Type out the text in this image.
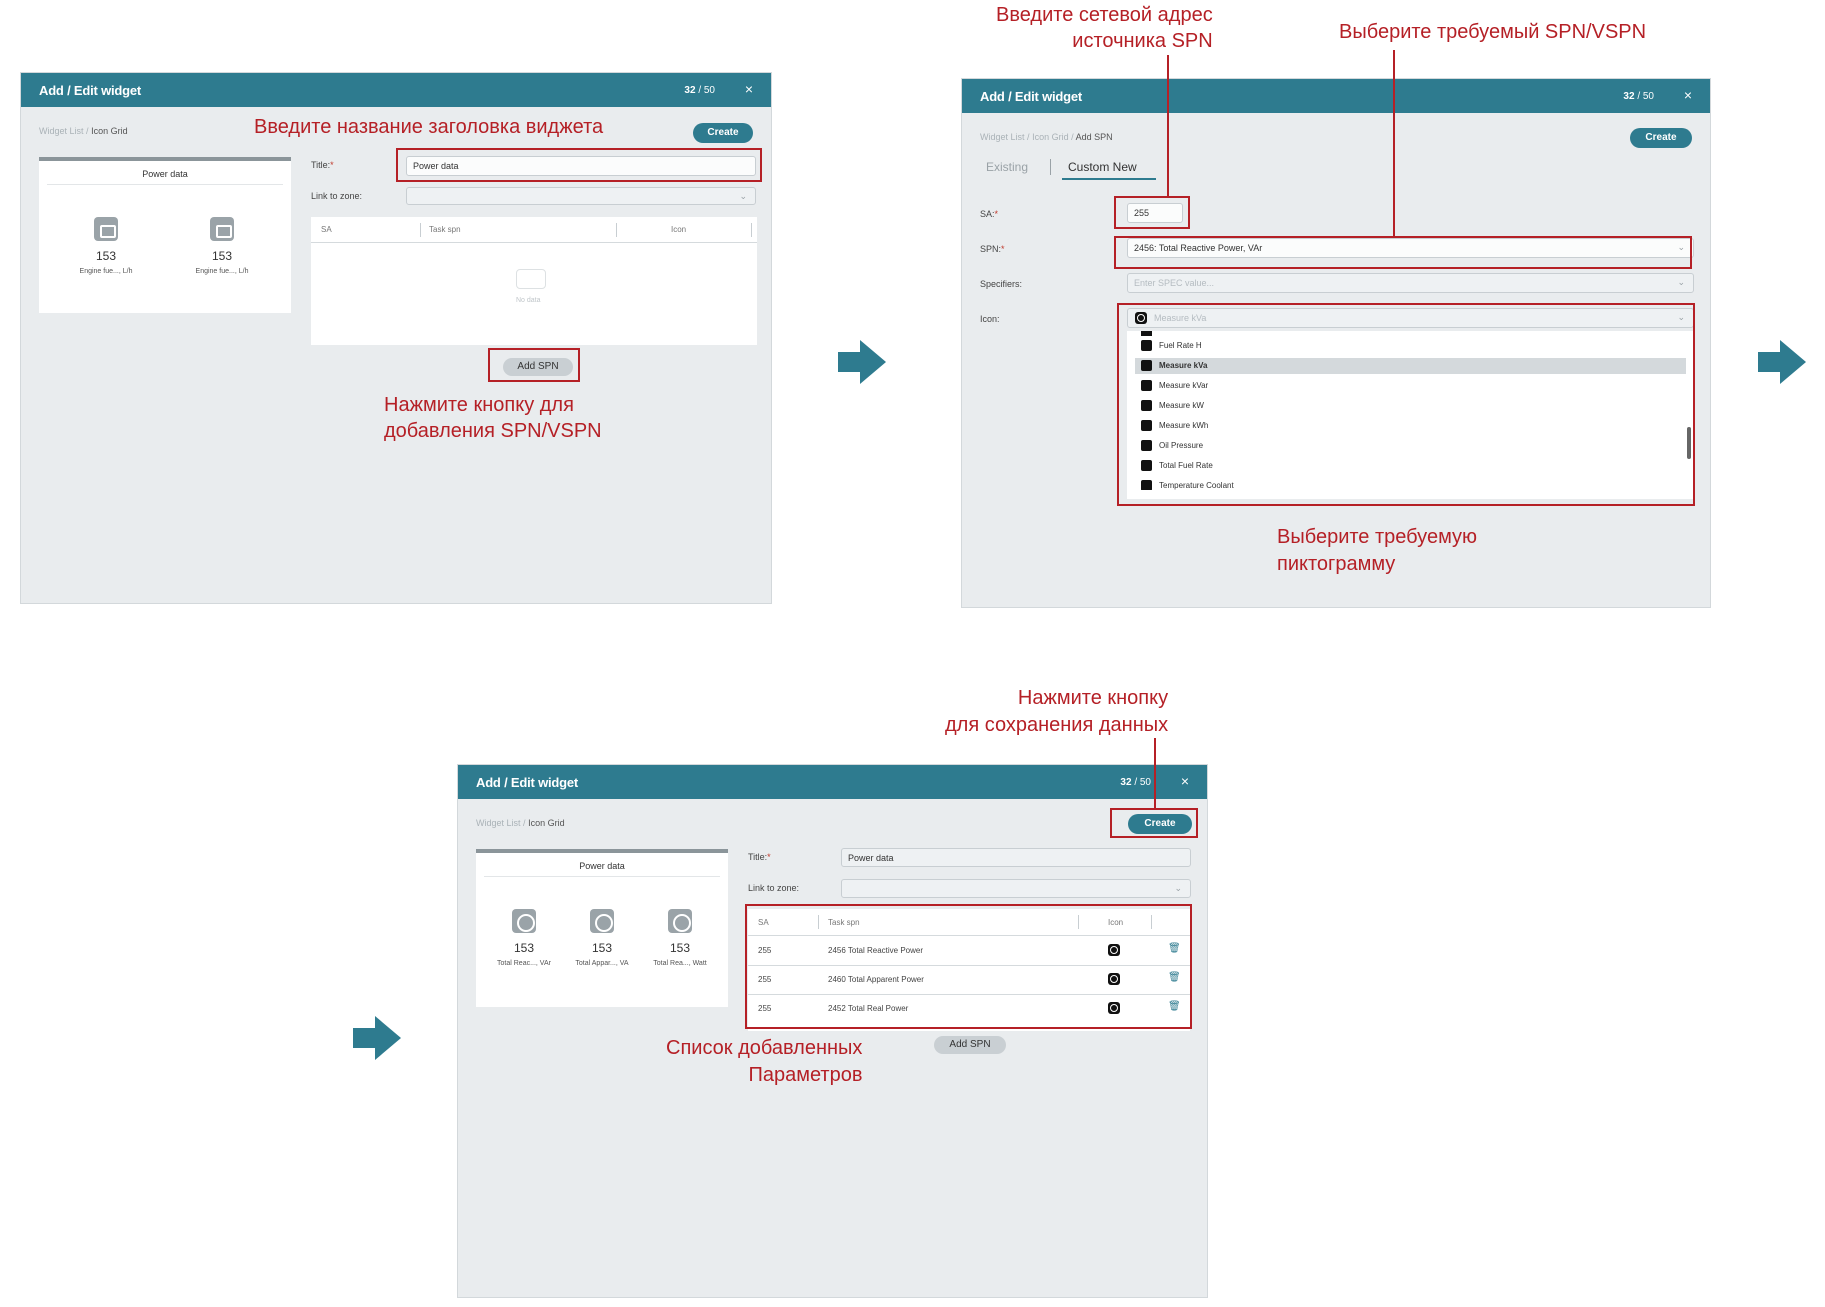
Add / Edit widget	32 / 50 ×
Widget List / Icon Grid	Create
Power data
153
Engine fue..., L/h
153
Engine fue..., L/h
Title:*	Power data
Link to zone:	⌄
SA	Task spn	Icon
No data
Add SPN
Введите название заголовка виджета
Нажмите кнопку для
добавления SPN/VSPN
Add / Edit widget	32 / 50 ×
Widget List / Icon Grid / Add SPN	Create
Existing	Custom New
SA:*	255
SPN:*	2456: Total Reactive Power, VAr	⌄
Specifiers:	Enter SPEC value...	⌄
Icon:	Measure kVa	⌄
Fuel Rate H
Measure kVa
Measure kVar
Measure kW
Measure kWh
Oil Pressure
Total Fuel Rate
Temperature Coolant
Введите сетевой адрес
источника SPN	Выберите требуемый SPN/VSPN
Выберите требуемую
пиктограмму
Add / Edit widget	32 / 50 ×
Widget List / Icon Grid	Create
Power data
153
Total Reac..., VAr
153
Total Appar..., VA
153
Total Rea..., Watt
Title:*	Power data
Link to zone:	⌄
SA	Task spn	Icon
255	2456 Total Reactive Power	🗑
255	2460 Total Apparent Power	🗑
255	2452 Total Real Power	🗑
Add SPN
Нажмите кнопку
для сохранения данных
Список добавленных
Параметров
